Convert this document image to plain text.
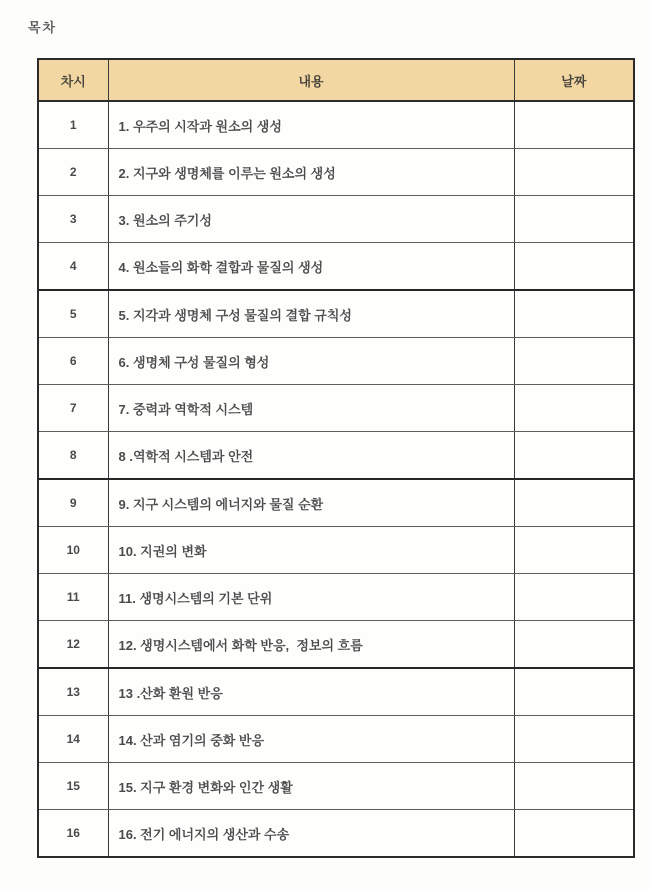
목차
차시	내용	날짜
1	1. 우주의 시작과 원소의 생성	
2	2. 지구와 생명체를 이루는 원소의 생성	
3	3. 원소의 주기성	
4	4. 원소들의 화학 결합과 물질의 생성	
5	5. 지각과 생명체 구성 물질의 결합 규칙성	
6	6. 생명체 구성 물질의 형성	
7	7. 중력과 역학적 시스템	
8	8 .역학적 시스템과 안전	
9	9. 지구 시스템의 에너지와 물질 순환	
10	10. 지권의 변화	
11	11. 생명시스템의 기본 단위	
12	12. 생명시스템에서 화학 반응,  정보의 흐름	
13	13 .산화 환원 반응	
14	14. 산과 염기의 중화 반응	
15	15. 지구 환경 변화와 인간 생활	
16	16. 전기 에너지의 생산과 수송	
